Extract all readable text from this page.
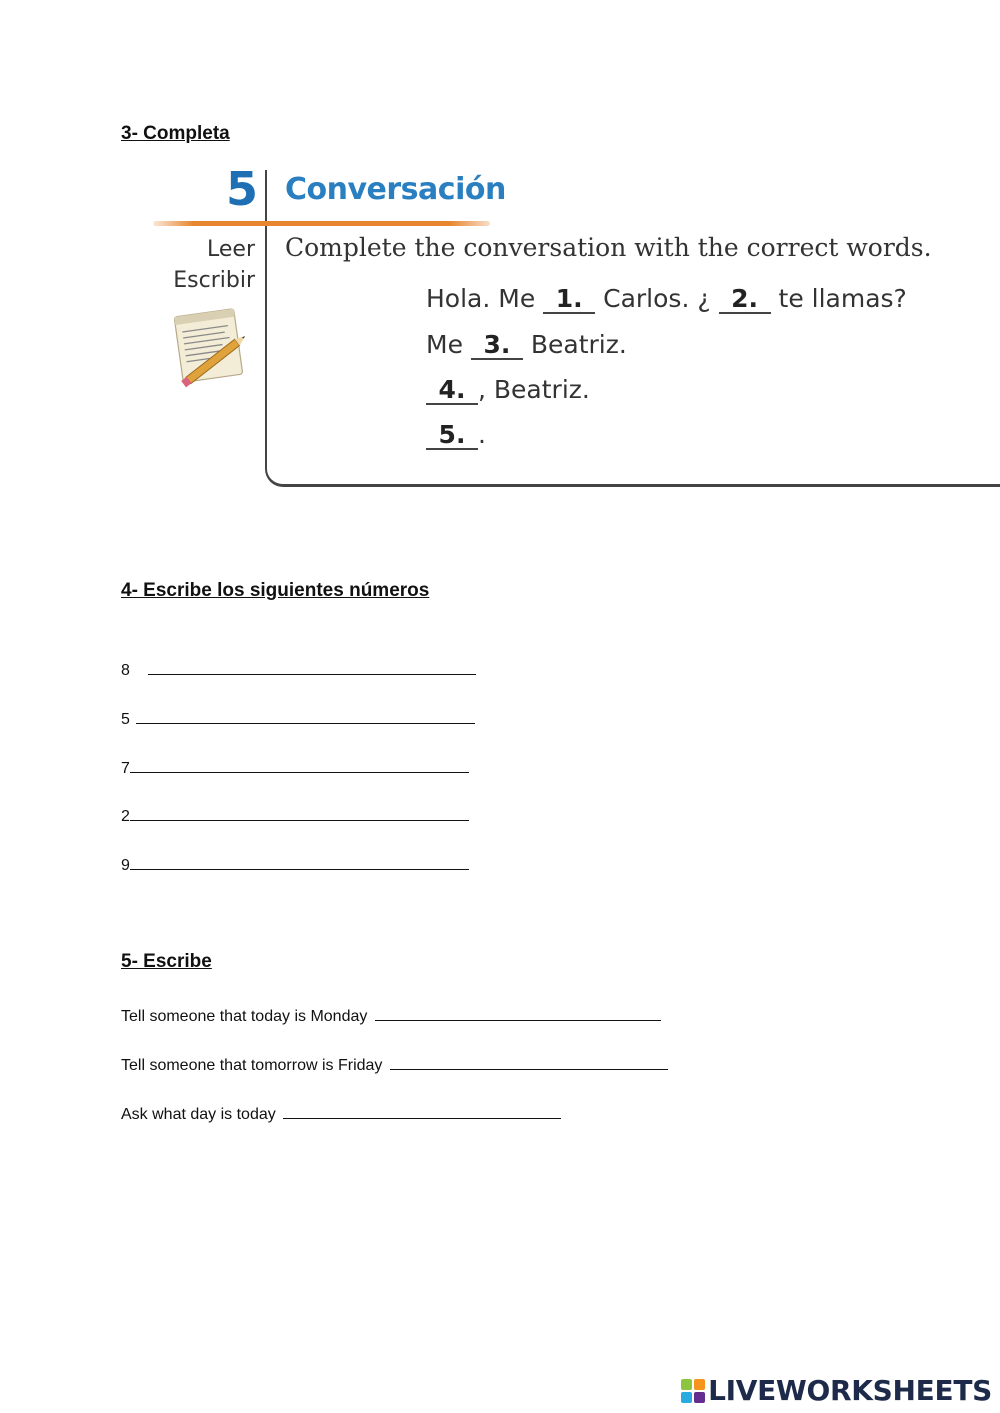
3- Completa
5 Conversación
Leer
Escribir
Complete the conversation with the correct words.
Hola. Me 1. Carlos. ¿ 2. te llamas?
Me 3. Beatriz.
4. , Beatriz.
5. .
4- Escribe los siguientes números
8
5
7
2
9
5- Escribe
Tell someone that today is Monday
Tell someone that tomorrow is Friday
Ask what day is today
LIVEWORKSHEETS
